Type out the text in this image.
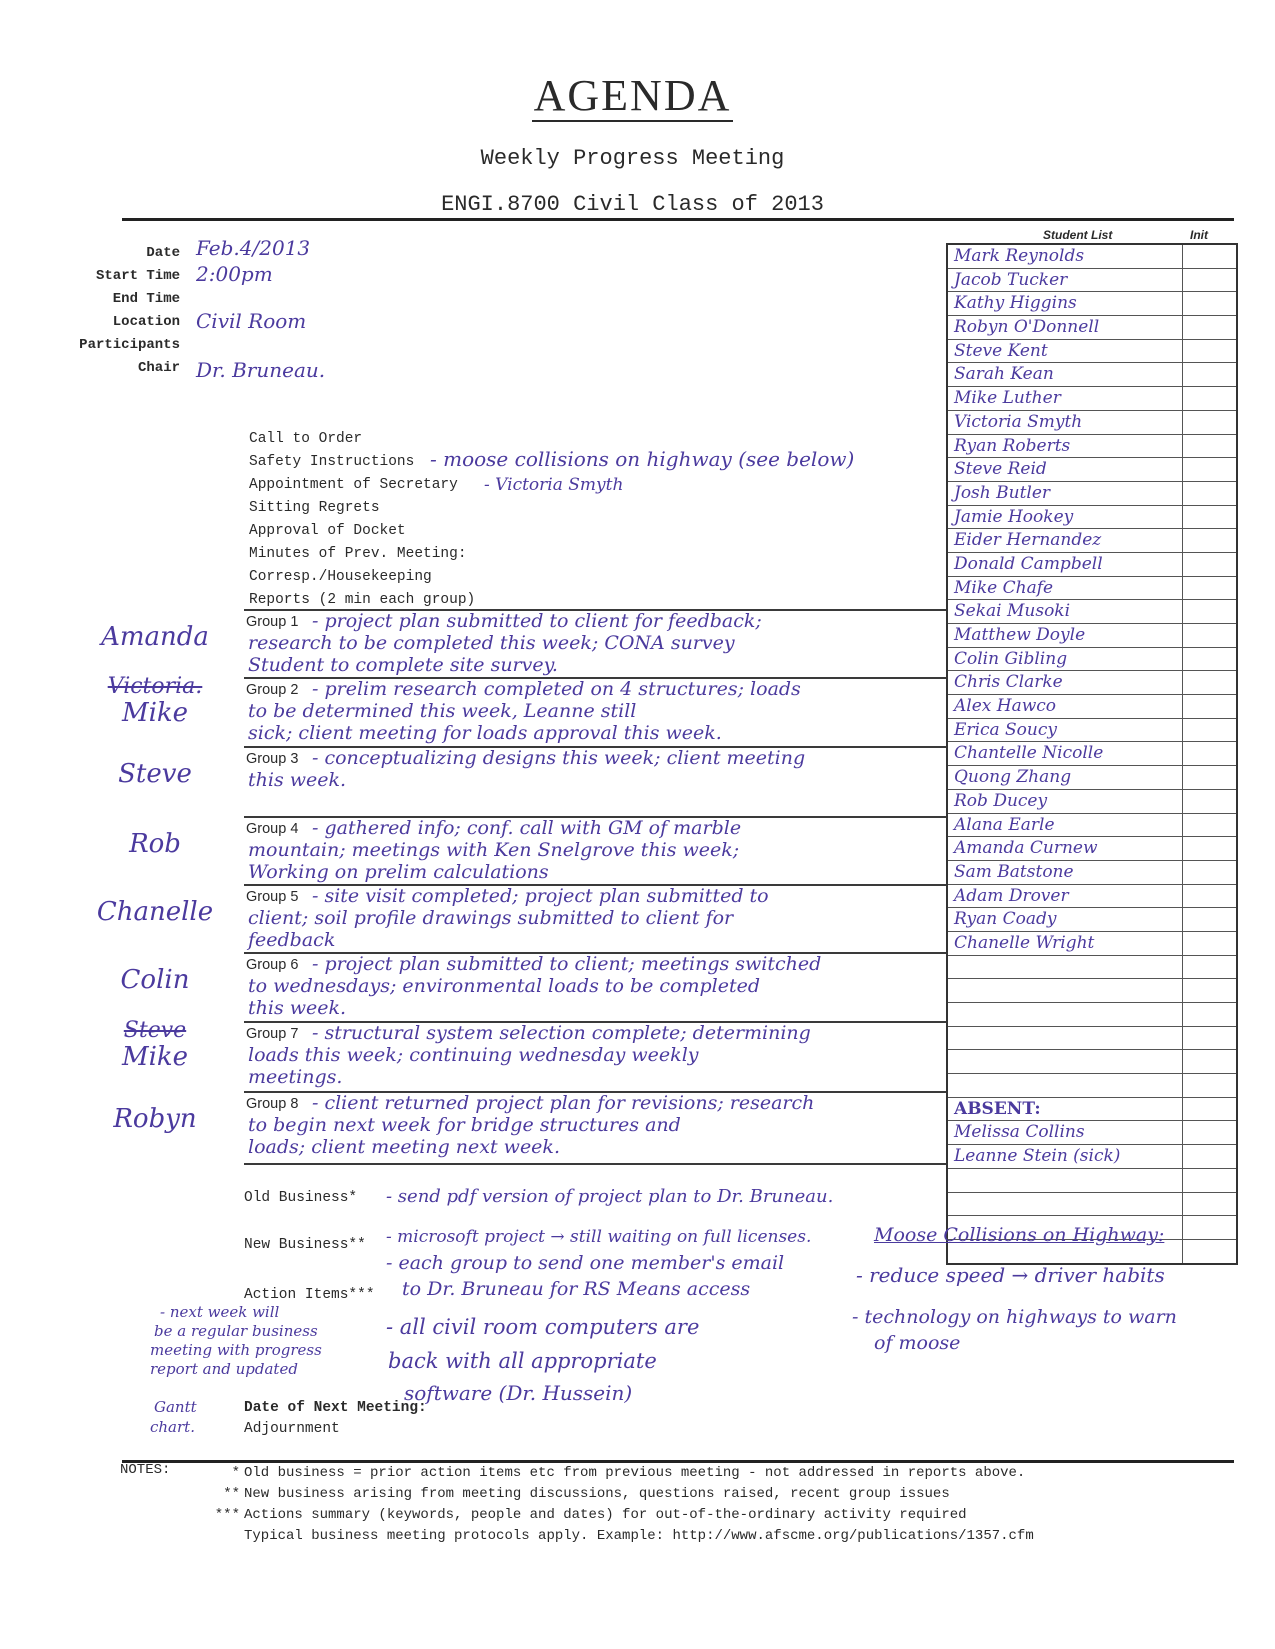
AGENDA
Weekly Progress Meeting
ENGI.8700 Civil Class of 2013
Date Feb.4/2013
Start Time 2:00pm
End Time
Location Civil Room
Participants
Chair Dr. Bruneau.
Student List	Init
Mark Reynolds
Jacob Tucker
Kathy Higgins
Robyn O'Donnell
Steve Kent
Sarah Kean
Mike Luther
Victoria Smyth
Ryan Roberts
Steve Reid
Josh Butler
Jamie Hookey
Eider Hernandez
Donald Campbell
Mike Chafe
Sekai Musoki
Matthew Doyle
Colin Gibling
Chris Clarke
Alex Hawco
Erica Soucy
Chantelle Nicolle
Quong Zhang
Rob Ducey
Alana Earle
Amanda Curnew
Sam Batstone
Adam Drover
Ryan Coady
Chanelle Wright
ABSENT:
Melissa Collins
Leanne Stein (sick)
Call to Order
Safety Instructions - moose collisions on highway (see below)
Appointment of Secretary - Victoria Smyth
Sitting Regrets
Approval of Docket
Minutes of Prev. Meeting:
Corresp./Housekeeping
Reports (2 min each group)
Group 1 - project plan submitted to client for feedback;
research to be completed this week; CONA survey
Student to complete site survey.
Amanda
Group 2 - prelim research completed on 4 structures; loads
to be determined this week, Leanne still
sick; client meeting for loads approval this week.
Victoria.
Mike
Group 3 - conceptualizing designs this week; client meeting
this week.
Steve
Group 4 - gathered info; conf. call with GM of marble
mountain; meetings with Ken Snelgrove this week;
Working on prelim calculations
Rob
Group 5 - site visit completed; project plan submitted to
client; soil profile drawings submitted to client for
feedback
Chanelle
Group 6 - project plan submitted to client; meetings switched
to wednesdays; environmental loads to be completed
this week.
Colin
Group 7 - structural system selection complete; determining
loads this week; continuing wednesday weekly
meetings.
Steve
Mike
Group 8 - client returned project plan for revisions; research
to begin next week for bridge structures and
loads; client meeting next week.
Robyn
Old Business* - send pdf version of project plan to Dr. Bruneau.
New Business** - microsoft project → still waiting on full licenses.
- each group to send one member's email
to Dr. Bruneau for RS Means access
Moose Collisions on Highway:
- reduce speed → driver habits
- technology on highways to warn
of moose
Action Items***
- all civil room computers are
back with all appropriate
software (Dr. Hussein)
- next week will
be a regular business
meeting with progress
report and updated
Gantt
chart.
Date of Next Meeting:
Adjournment
NOTES:	* Old business = prior action items etc from previous meeting - not addressed in reports above.
** New business arising from meeting discussions, questions raised, recent group issues
*** Actions summary (keywords, people and dates) for out-of-the-ordinary activity required
Typical business meeting protocols apply. Example: http://www.afscme.org/publications/1357.cfm
